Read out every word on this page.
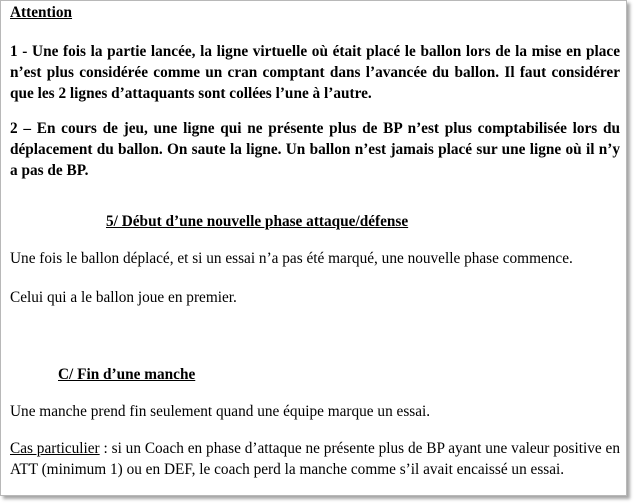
Attention

1 - Une fois la partie lancée, la ligne virtuelle où était placé le ballon lors de la mise en place n’est plus considérée comme un cran comptant dans l’avancée du ballon. Il faut considérer que les 2 lignes d’attaquants sont collées l’une à l’autre.

2 – En cours de jeu, une ligne qui ne présente plus de BP n’est plus comptabilisée lors du déplacement du ballon. On saute la ligne. Un ballon n’est jamais placé sur une ligne où il n’y a pas de BP.

5/ Début d’une nouvelle phase attaque/défense

Une fois le ballon déplacé, et si un essai n’a pas été marqué, une nouvelle phase commence.

Celui qui a le ballon joue en premier.

C/ Fin d’une manche

Une manche prend fin seulement quand une équipe marque un essai.

Cas particulier : si un Coach en phase d’attaque ne présente plus de BP ayant une valeur positive en ATT (minimum 1) ou en DEF, le coach perd la manche comme s’il avait encaissé un essai.
